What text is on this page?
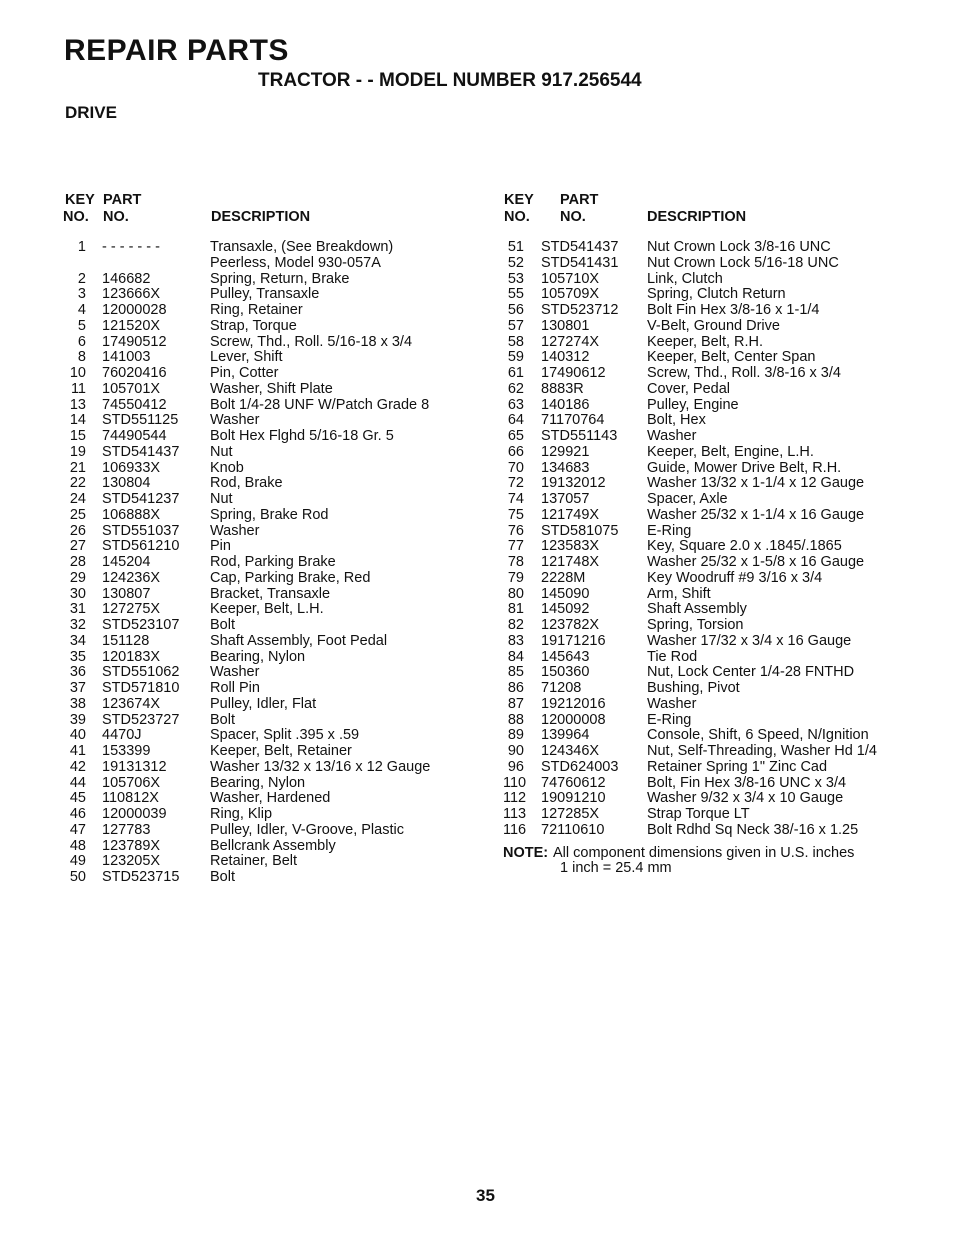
REPAIR PARTS
TRACTOR - - MODEL NUMBER 917.256544
DRIVE
KEY
NO.
PART
NO.	DESCRIPTION
1 - - - - - - -	Transaxle, (See Breakdown)
Peerless, Model 930-057A
2 146682	Spring, Return, Brake
3 123666X	Pulley, Transaxle
4 12000028	Ring, Retainer
5 121520X	Strap, Torque
6 17490512	Screw, Thd., Roll. 5/16-18 x 3/4
8 141003	Lever, Shift
10 76020416	Pin, Cotter
11 105701X	Washer, Shift Plate
13 74550412	Bolt 1/4-28 UNF W/Patch Grade 8
14 STD551125	Washer
15 74490544	Bolt Hex Flghd 5/16-18 Gr. 5
19 STD541437	Nut
21 106933X	Knob
22 130804	Rod, Brake
24 STD541237	Nut
25 106888X	Spring, Brake Rod
26 STD551037	Washer
27 STD561210	Pin
28 145204	Rod, Parking Brake
29 124236X	Cap, Parking Brake, Red
30 130807	Bracket, Transaxle
31 127275X	Keeper, Belt, L.H.
32 STD523107	Bolt
34 151128	Shaft Assembly, Foot Pedal
35 120183X	Bearing, Nylon
36 STD551062	Washer
37 STD571810	Roll Pin
38 123674X	Pulley, Idler, Flat
39 STD523727	Bolt
40 4470J	Spacer, Split .395 x .59
41 153399	Keeper, Belt, Retainer
42 19131312	Washer 13/32 x 13/16 x 12 Gauge
44 105706X	Bearing, Nylon
45 110812X	Washer, Hardened
46 12000039	Ring, Klip
47 127783	Pulley, Idler, V-Groove, Plastic
48 123789X	Bellcrank Assembly
49 123205X	Retainer, Belt
50 STD523715	Bolt
KEY
NO.
PART
NO.	DESCRIPTION
51 STD541437	Nut Crown Lock 3/8-16 UNC
52 STD541431	Nut Crown Lock 5/16-18 UNC
53 105710X	Link, Clutch
55 105709X	Spring, Clutch Return
56 STD523712	Bolt Fin Hex 3/8-16 x 1-1/4
57 130801	V-Belt, Ground Drive
58 127274X	Keeper, Belt, R.H.
59 140312	Keeper, Belt, Center Span
61 17490612	Screw, Thd., Roll. 3/8-16 x 3/4
62 8883R	Cover, Pedal
63 140186	Pulley, Engine
64 71170764	Bolt, Hex
65 STD551143	Washer
66 129921	Keeper, Belt, Engine, L.H.
70 134683	Guide, Mower Drive Belt, R.H.
72 19132012	Washer 13/32 x 1-1/4 x 12 Gauge
74 137057	Spacer, Axle
75 121749X	Washer 25/32 x 1-1/4 x 16 Gauge
76 STD581075	E-Ring
77 123583X	Key, Square 2.0 x .1845/.1865
78 121748X	Washer 25/32 x 1-5/8 x 16 Gauge
79 2228M	Key Woodruff #9 3/16 x 3/4
80 145090	Arm, Shift
81 145092	Shaft Assembly
82 123782X	Spring, Torsion
83 19171216	Washer 17/32 x 3/4 x 16 Gauge
84 145643	Tie Rod
85 150360	Nut, Lock Center 1/4-28 FNTHD
86 71208	Bushing, Pivot
87 19212016	Washer
88 12000008	E-Ring
89 139964	Console, Shift, 6 Speed, N/Ignition
90 124346X	Nut, Self-Threading, Washer Hd 1/4
96 STD624003	Retainer Spring 1" Zinc Cad
110 74760612	Bolt, Fin Hex 3/8-16 UNC x 3/4
112 19091210	Washer 9/32 x 3/4 x 10 Gauge
113 127285X	Strap Torque LT
116 72110610	Bolt Rdhd Sq Neck 38/-16 x 1.25
NOTE: All component dimensions given in U.S. inches
1 inch = 25.4 mm
35
